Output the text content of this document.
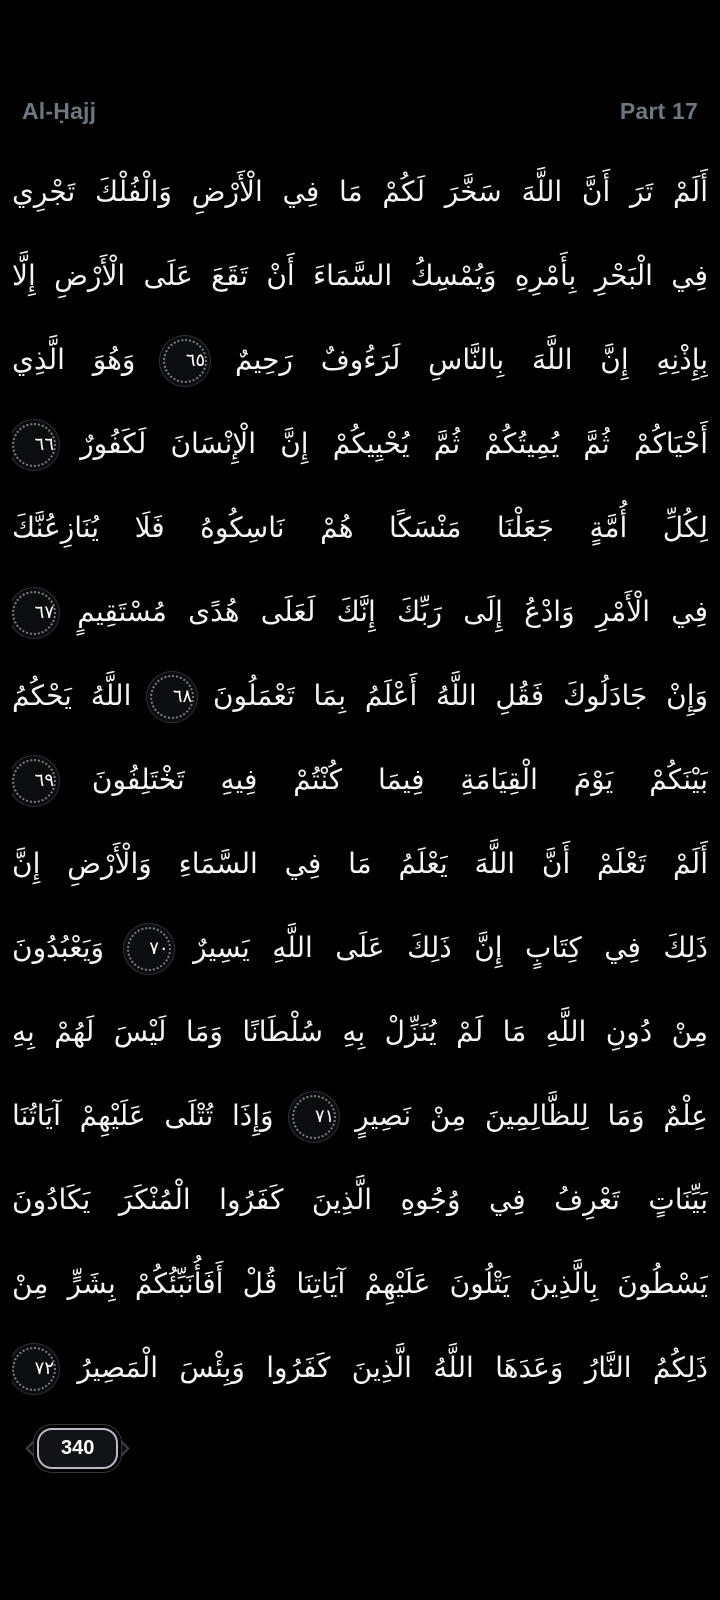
Al-Ḥajj	Part 17
أَلَمْ تَرَ أَنَّ اللَّهَ سَخَّرَ لَكُمْ مَا فِي الْأَرْضِ وَالْفُلْكَ تَجْرِي
فِي الْبَحْرِ بِأَمْرِهِ وَيُمْسِكُ السَّمَاءَ أَنْ تَقَعَ عَلَى الْأَرْضِ إِلَّا
بِإِذْنِهِ إِنَّ اللَّهَ بِالنَّاسِ لَرَءُوفٌ رَحِيمٌ ٦٥ وَهُوَ الَّذِي
أَحْيَاكُمْ ثُمَّ يُمِيتُكُمْ ثُمَّ يُحْيِيكُمْ إِنَّ الْإِنْسَانَ لَكَفُورٌ ٦٦
لِكُلِّ أُمَّةٍ جَعَلْنَا مَنْسَكًا هُمْ نَاسِكُوهُ فَلَا يُنَازِعُنَّكَ
فِي الْأَمْرِ وَادْعُ إِلَى رَبِّكَ إِنَّكَ لَعَلَى هُدًى مُسْتَقِيمٍ ٦٧
وَإِنْ جَادَلُوكَ فَقُلِ اللَّهُ أَعْلَمُ بِمَا تَعْمَلُونَ ٦٨ اللَّهُ يَحْكُمُ
بَيْنَكُمْ يَوْمَ الْقِيَامَةِ فِيمَا كُنْتُمْ فِيهِ تَخْتَلِفُونَ ٦٩
أَلَمْ تَعْلَمْ أَنَّ اللَّهَ يَعْلَمُ مَا فِي السَّمَاءِ وَالْأَرْضِ إِنَّ
ذَلِكَ فِي كِتَابٍ إِنَّ ذَلِكَ عَلَى اللَّهِ يَسِيرٌ ٧٠ وَيَعْبُدُونَ
مِنْ دُونِ اللَّهِ مَا لَمْ يُنَزِّلْ بِهِ سُلْطَانًا وَمَا لَيْسَ لَهُمْ بِهِ
عِلْمٌ وَمَا لِلظَّالِمِينَ مِنْ نَصِيرٍ ٧١ وَإِذَا تُتْلَى عَلَيْهِمْ آيَاتُنَا
بَيِّنَاتٍ تَعْرِفُ فِي وُجُوهِ الَّذِينَ كَفَرُوا الْمُنْكَرَ يَكَادُونَ
يَسْطُونَ بِالَّذِينَ يَتْلُونَ عَلَيْهِمْ آيَاتِنَا قُلْ أَفَأُنَبِّئُكُمْ بِشَرٍّ مِنْ
ذَلِكُمُ النَّارُ وَعَدَهَا اللَّهُ الَّذِينَ كَفَرُوا وَبِئْسَ الْمَصِيرُ ٧٢
340
